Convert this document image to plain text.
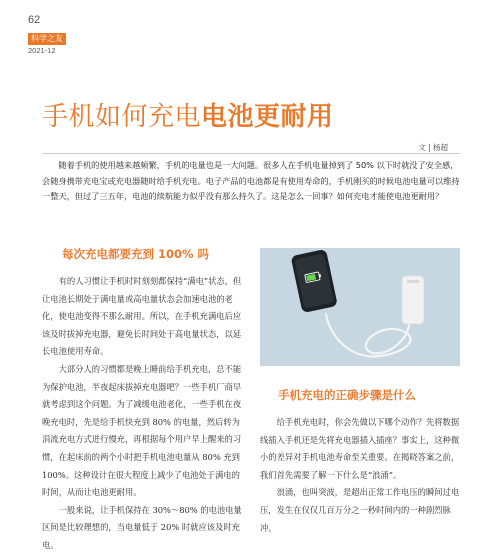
62
科学之友
2021-12
手机如何充电电池更耐用
文 | 杨超

随着手机的使用越来越频繁，手机的电量也是一大问题。很多人在手机电量掉到了 50% 以下时就没了安全感，会随身携带充电宝或充电器随时给手机充电。电子产品的电池都是有使用寿命的，手机刚买的时候电池电量可以维持一整天，但过了三五年，电池的续航能力似乎没有那么持久了。这是怎么一回事？如何充电才能使电池更耐用？

每次充电都要充到 100% 吗

有的人习惯让手机时时刻刻都保持“满电”状态，但让电池长期处于满电量或高电量状态会加速电池的老化，使电池变得不那么耐用。所以，在手机充满电后应该及时拔掉充电器，避免长时间处于高电量状态，以延长电池使用寿命。

大部分人的习惯都是晚上睡前给手机充电，总不能为保护电池，半夜起床拔掉充电器吧？一些手机厂商早就考虑到这个问题。为了减缓电池老化，一些手机在夜晚充电时，先是给手机快充到 80% 的电量，然后转为涓流充电方式进行慢充，再根据每个用户早上醒来的习惯，在起床前的两个小时把手机电池电量从 80% 充到 100%。这种设计在很大程度上减少了电池处于满电的时间，从而让电池更耐用。

一般来说，让手机保持在 30%～80% 的电池电量区间是比较理想的，当电量低于 20% 时就应该及时充电。

手机充电的正确步骤是什么

给手机充电时，你会先做以下哪个动作？先将数据线插入手机还是先将充电器插入插座？事实上，这种微小的差异对手机电池寿命至关重要。在揭晓答案之前，我们首先需要了解一下什么是“浪涌”。

浪涌，也叫突波，是超出正常工作电压的瞬间过电压，发生在仅仅几百万分之一秒时间内的一种剧烈脉冲。
